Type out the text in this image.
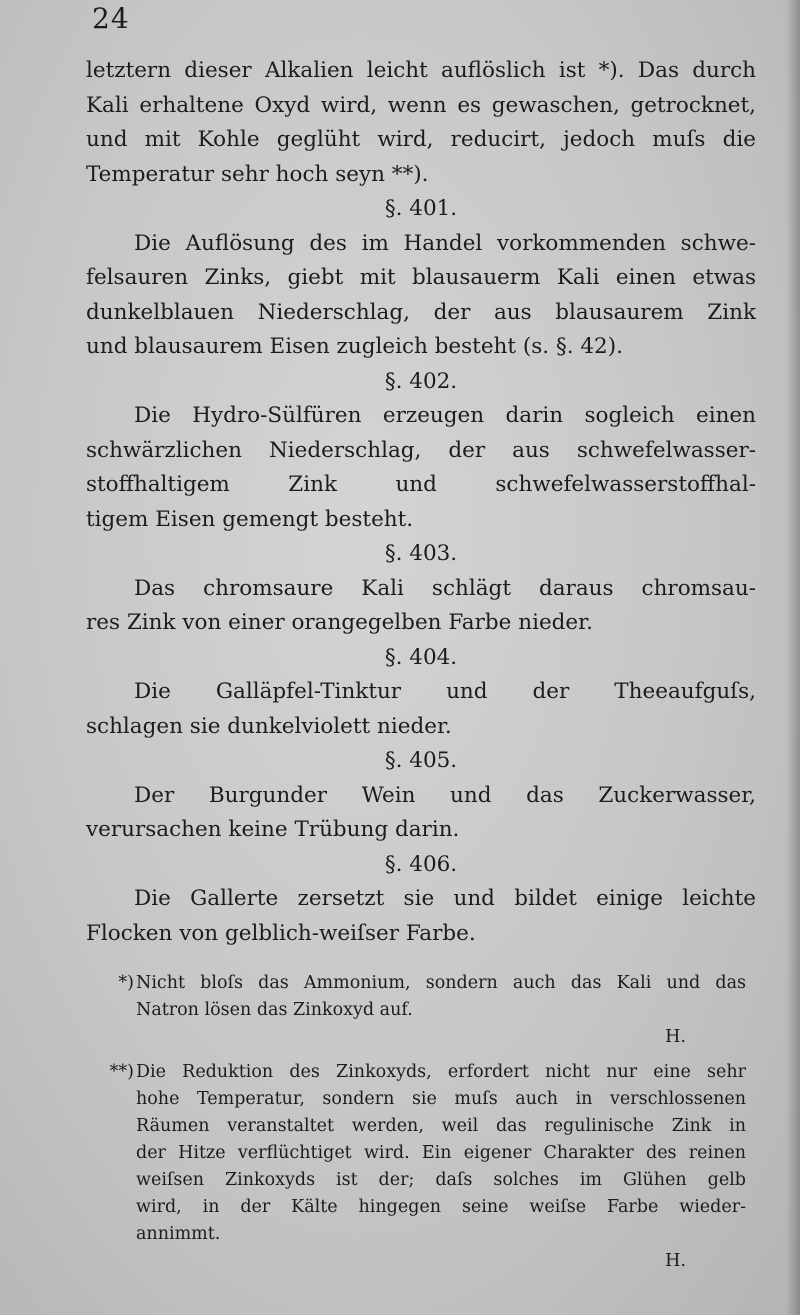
24
letztern dieser Alkalien leicht auflöslich ist *). Das durch
Kali erhaltene Oxyd wird, wenn es gewaschen, getrocknet,
und mit Kohle geglüht wird, reducirt, jedoch muſs die
Temperatur sehr hoch seyn **).
§. 401.
Die Auflösung des im Handel vorkommenden schwe-
felsauren Zinks, giebt mit blausauerm Kali einen etwas
dunkelblauen Niederschlag, der aus blausaurem Zink
und blausaurem Eisen zugleich besteht (s. §. 42).
§. 402.
Die Hydro-Sülfüren erzeugen darin sogleich einen
schwärzlichen Niederschlag, der aus schwefelwasser-
stoffhaltigem Zink und schwefelwasserstoffhal-
tigem Eisen gemengt besteht.
§. 403.
Das chromsaure Kali schlägt daraus chromsau-
res Zink von einer orangegelben Farbe nieder.
§. 404.
Die Galläpfel-Tinktur und der Theeaufguſs,
schlagen sie dunkelviolett nieder.
§. 405.
Der Burgunder Wein und das Zuckerwasser,
verursachen keine Trübung darin.
§. 406.
Die Gallerte zersetzt sie und bildet einige leichte
Flocken von gelblich-weiſser Farbe.
*) Nicht bloſs das Ammonium, sondern auch das Kali und das
Natron lösen das Zinkoxyd auf.
H.
**) Die Reduktion des Zinkoxyds, erfordert nicht nur eine sehr
hohe Temperatur, sondern sie muſs auch in verschlossenen
Räumen veranstaltet werden, weil das regulinische Zink in
der Hitze verflüchtiget wird. Ein eigener Charakter des reinen
weiſsen Zinkoxyds ist der; daſs solches im Glühen gelb
wird, in der Kälte hingegen seine weiſse Farbe wieder-
annimmt.
H.
